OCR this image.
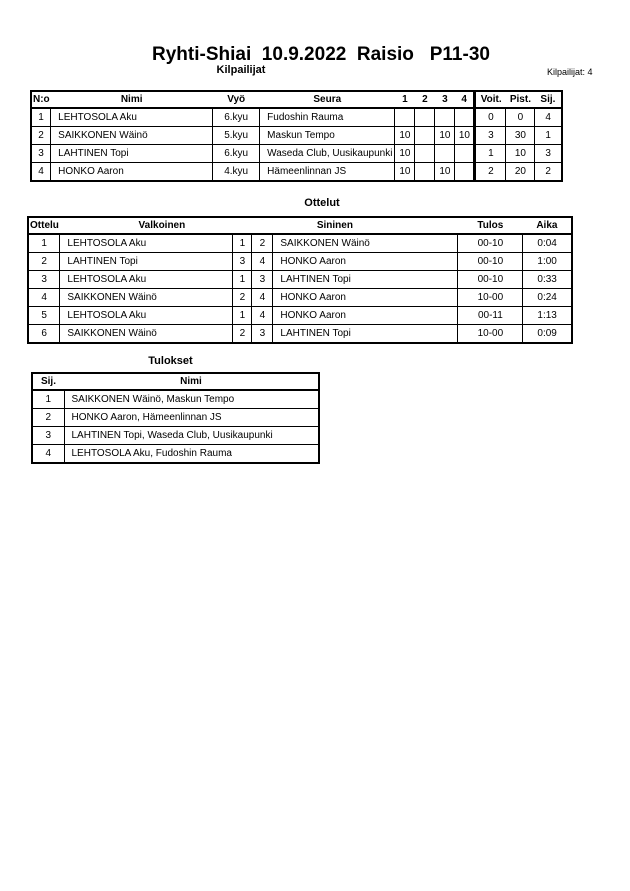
Ryhti-Shiai  10.9.2022  Raisio   P11-30
Kilpailijat	Kilpailijat: 4
N:o	Nimi	Vyö	Seura	1	2	3	4	Voit.	Pist.	Sij.
1	LEHTOSOLA Aku	6.kyu	Fudoshin Rauma					0	0	4
2	SAIKKONEN Wäinö	5.kyu	Maskun Tempo	10		10	10	3	30	1
3	LAHTINEN Topi	6.kyu	Waseda Club, Uusikaupunki	10				1	10	3
4	HONKO Aaron	4.kyu	Hämeenlinnan JS	10		10		2	20	2
Ottelut
Ottelu	Valkoinen			Sininen	Tulos	Aika
1	LEHTOSOLA Aku	1	2	SAIKKONEN Wäinö	00-10	0:04
2	LAHTINEN Topi	3	4	HONKO Aaron	00-10	1:00
3	LEHTOSOLA Aku	1	3	LAHTINEN Topi	00-10	0:33
4	SAIKKONEN Wäinö	2	4	HONKO Aaron	10-00	0:24
5	LEHTOSOLA Aku	1	4	HONKO Aaron	00-11	1:13
6	SAIKKONEN Wäinö	2	3	LAHTINEN Topi	10-00	0:09
Tulokset
Sij.	Nimi
1	SAIKKONEN Wäinö, Maskun Tempo
2	HONKO Aaron, Hämeenlinnan JS
3	LAHTINEN Topi, Waseda Club, Uusikaupunki
4	LEHTOSOLA Aku, Fudoshin Rauma
